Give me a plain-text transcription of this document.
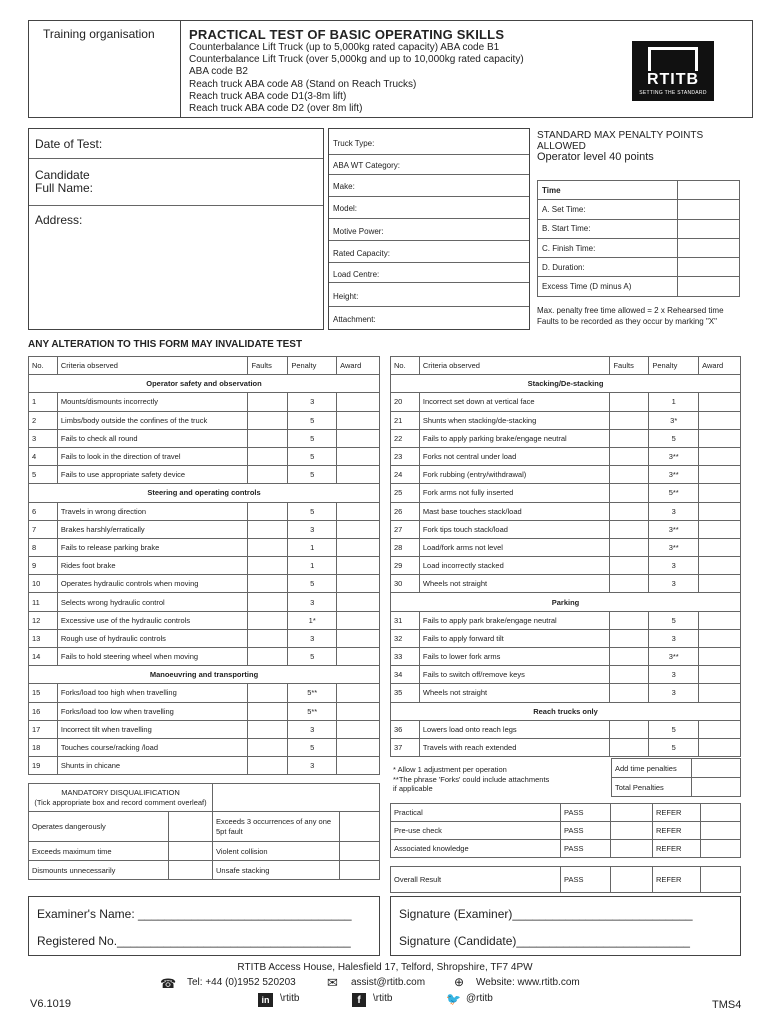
Training organisation	PRACTICAL TEST OF BASIC OPERATING SKILLS
Counterbalance Lift Truck (up to 5,000kg rated capacity) ABA code B1
Counterbalance Lift Truck (over 5,000kg and up to 10,000kg rated capacity)
ABA code B2
Reach truck ABA code A8 (Stand on Reach Trucks)
Reach truck ABA code D1(3-8m lift)
Reach truck ABA code D2 (over 8m lift)
RTITB
SETTING THE STANDARD
Date of Test:
Candidate
Full Name:
Address:
Truck Type:
ABA WT Category:
Make:
Model:
Motive Power:
Rated Capacity:
Load Centre:
Height:
Attachment:
STANDARD MAX PENALTY POINTS
ALLOWED
Operator level 40 points
Time	
A. Set Time:	
B. Start Time:	
C. Finish Time:	
D. Duration:	
Excess Time (D minus A)	
Max. penalty free time allowed = 2 x Rehearsed time
Faults to be recorded as they occur by marking "X"
ANY ALTERATION TO THIS FORM MAY INVALIDATE TEST
No.	Criteria observed	Faults	Penalty	Award
Operator safety and observation				
1	Mounts/dismounts incorrectly		3	
2	Limbs/body outside the confines of the truck		5	
3	Fails to check all round		5	
4	Fails to look in the direction of travel		5	
5	Fails to use appropriate safety device		5	
Steering and operating controls				
6	Travels in wrong direction		5	
7	Brakes harshly/erratically		3	
8	Fails to release parking brake		1	
9	Rides foot brake		1	
10	Operates hydraulic controls when moving		5	
11	Selects wrong hydraulic control		3	
12	Excessive use of the hydraulic controls		1*	
13	Rough use of hydraulic controls		3	
14	Fails to hold steering wheel when moving		5	
Manoeuvring and transporting				
15	Forks/load too high when travelling		5**	
16	Forks/load too low when travelling		5**	
17	Incorrect tilt when travelling		3	
18	Touches course/racking /load		5	
19	Shunts in chicane		3	
No.	Criteria observed	Faults	Penalty	Award
Stacking/De-stacking				
20	Incorrect set down at vertical face		1	
21	Shunts when stacking/de-stacking		3*	
22	Fails to apply parking brake/engage neutral		5	
23	Forks not central under load		3**	
24	Fork rubbing (entry/withdrawal)		3**	
25	Fork arms not fully inserted		5**	
26	Mast base touches stack/load		3	
27	Fork tips touch stack/load		3**	
28	Load/fork arms not level		3**	
29	Load incorrectly stacked		3	
30	Wheels not straight		3	
Parking				
31	Fails to apply park brake/engage neutral		5	
32	Fails to apply forward tilt		3	
33	Fails to lower fork arms		3**	
34	Fails to switch off/remove keys		3	
35	Wheels not straight		3	
Reach trucks only				
36	Lowers load onto reach legs		5	
37	Travels with reach extended		5	
* Allow 1 adjustment per operation
**The phrase 'Forks' could include attachments
if applicable
Add time penalties	
Total Penalties	
MANDATORY DISQUALIFICATION
(Tick appropriate box and record comment overleaf)			

Operates dangerously		Exceeds 3 occurrences of any one 5pt fault	
Exceeds maximum time		Violent collision	
Dismounts unnecessarily		Unsafe stacking	
Practical	PASS		REFER	
Pre-use check	PASS		REFER	
Associated knowledge	PASS		REFER	
Overall Result	PASS		REFER	
Examiner's Name: ________________________________
Registered No.___________________________________
Signature (Examiner)___________________________
Signature (Candidate)__________________________
RTITB Access House, Halesfield 17, Telford, Shropshire, TF7 4PW
☎ Tel: +44 (0)1952 520203 ✉ assist@rtitb.com ⊕ Website: www.rtitb.com
in	\rtitb	f	\rtitb	🐦 @rtitb
V6.1019	TMS4
